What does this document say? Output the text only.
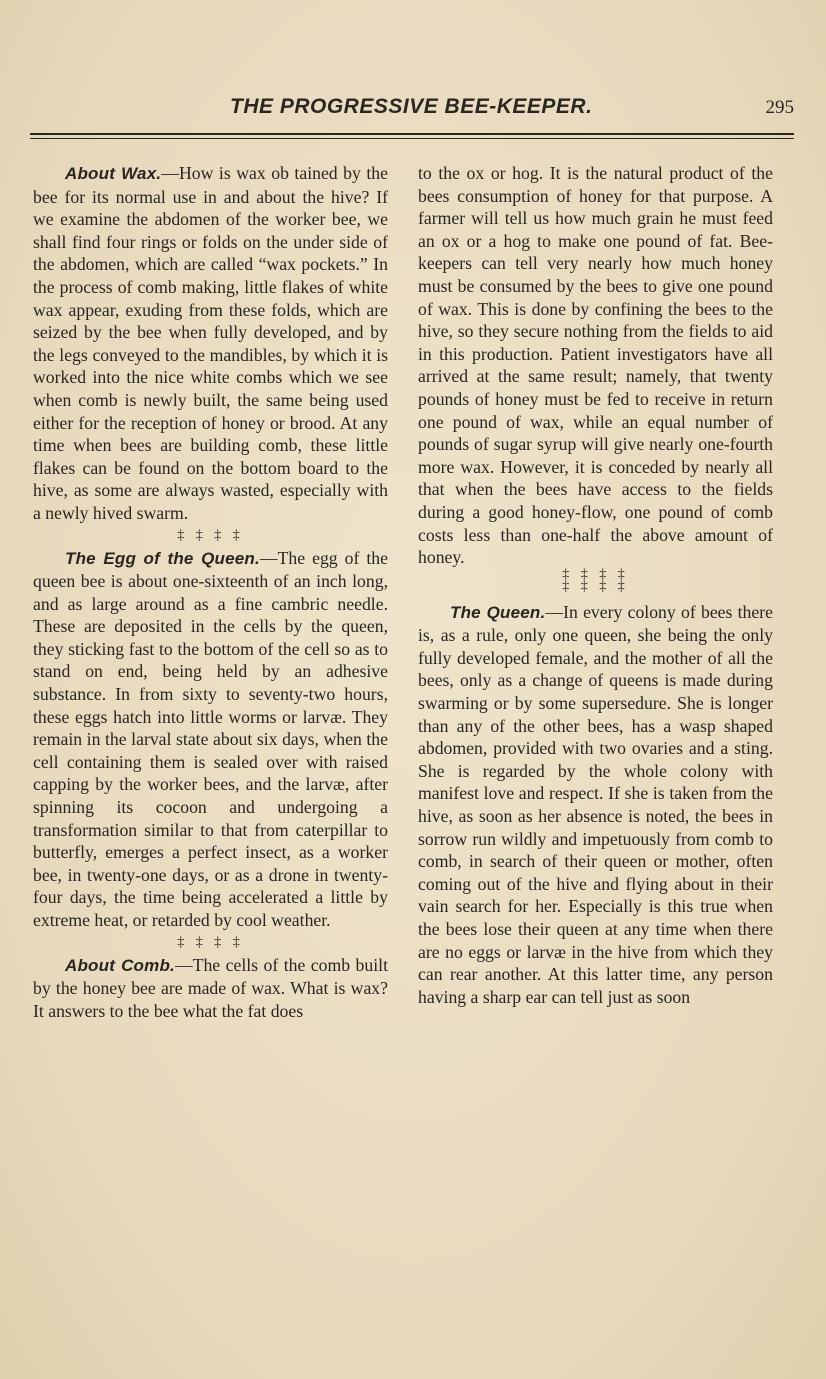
THE PROGRESSIVE BEE-KEEPER.	295

About Wax.—How is wax ob tained by the bee for its normal use in and about the hive? If we examine the abdomen of the worker bee, we shall find four rings or folds on the under side of the abdomen, which are called “wax pockets.” In the process of comb making, little flakes of white wax appear, exuding from these folds, which are seized by the bee when fully developed, and by the legs conveyed to the mandibles, by which it is worked into the nice white combs which we see when comb is newly built, the same being used either for the reception of honey or brood. At any time when bees are building comb, these little flakes can be found on the bottom board to the hive, as some are always wasted, especially with a newly hived swarm.

‡ ‡ ‡ ‡

The Egg of the Queen.—The egg of the queen bee is about one-sixteenth of an inch long, and as large around as a fine cambric needle. These are deposited in the cells by the queen, they sticking fast to the bottom of the cell so as to stand on end, being held by an adhesive substance. In from sixty to seventy-two hours, these eggs hatch into little worms or larvæ. They remain in the larval state about six days, when the cell containing them is sealed over with raised capping by the worker bees, and the larvæ, after spinning its cocoon and undergoing a transformation similar to that from caterpillar to butterfly, emerges a perfect insect, as a worker bee, in twenty-one days, or as a drone in twenty-four days, the time being accelerated a little by extreme heat, or retarded by cool weather.

‡ ‡ ‡ ‡

About Comb.—The cells of the comb built by the honey bee are made of wax. What is wax? It answers to the bee what the fat does

to the ox or hog. It is the natural product of the bees consumption of honey for that purpose. A farmer will tell us how much grain he must feed an ox or a hog to make one pound of fat. Bee-keepers can tell very nearly how much honey must be consumed by the bees to give one pound of wax. This is done by confining the bees to the hive, so they secure nothing from the fields to aid in this production. Patient investigators have all arrived at the same result; namely, that twenty pounds of honey must be fed to receive in return one pound of wax, while an equal number of pounds of sugar syrup will give nearly one-fourth more wax. However, it is conceded by nearly all that when the bees have access to the fields during a good honey-flow, one pound of comb costs less than one-half the above amount of honey.

‡ ‡ ‡ ‡

‡ ‡ ‡ ‡

The Queen.—In every colony of bees there is, as a rule, only one queen, she being the only fully developed female, and the mother of all the bees, only as a change of queens is made during swarming or by some supersedure. She is longer than any of the other bees, has a wasp shaped abdomen, provided with two ovaries and a sting. She is regarded by the whole colony with manifest love and respect. If she is taken from the hive, as soon as her absence is noted, the bees in sorrow run wildly and impetuously from comb to comb, in search of their queen or mother, often coming out of the hive and flying about in their vain search for her. Especially is this true when the bees lose their queen at any time when there are no eggs or larvæ in the hive from which they can rear another. At this latter time, any person having a sharp ear can tell just as soon
